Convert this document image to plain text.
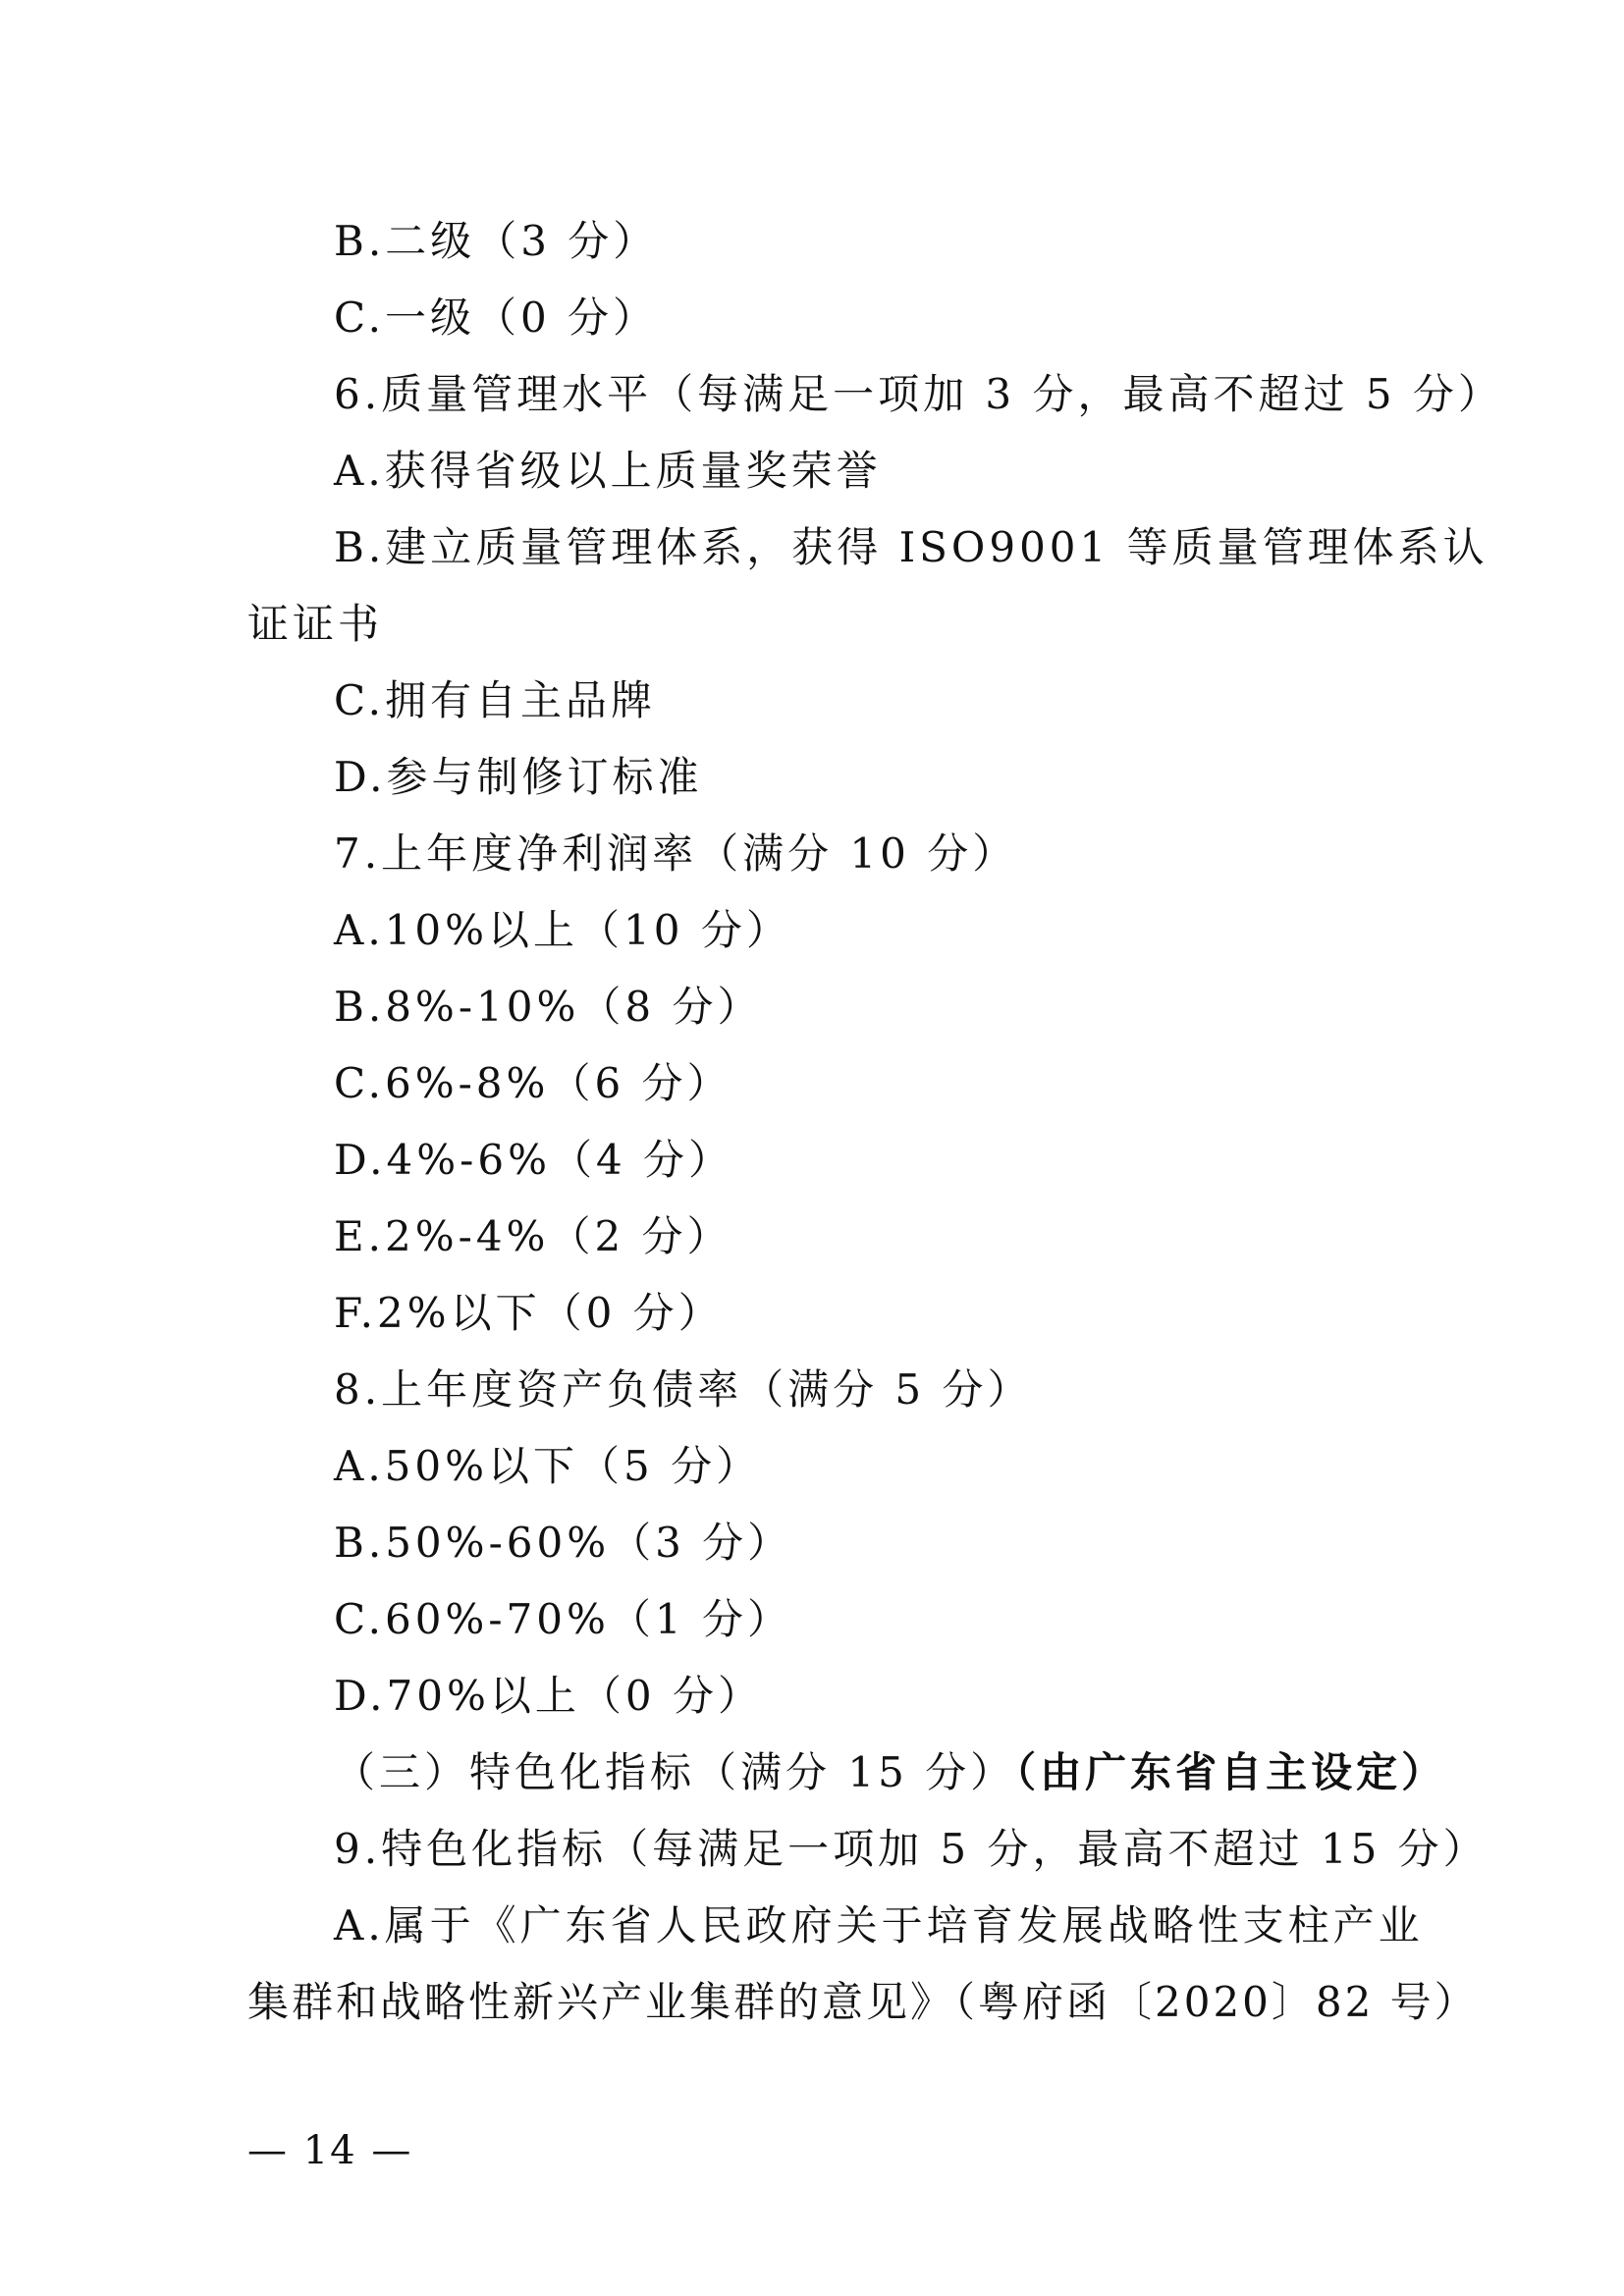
B.二级（3 分）
C.一级（0 分）
6.质量管理水平（每满足一项加 3 分，最高不超过 5 分）
A.获得省级以上质量奖荣誉
B.建立质量管理体系，获得 ISO9001 等质量管理体系认
证证书
C.拥有自主品牌
D.参与制修订标准
7.上年度净利润率（满分 10 分）
A.10%以上（10 分）
B.8%-10%（8 分）
C.6%-8%（6 分）
D.4%-6%（4 分）
E.2%-4%（2 分）
F.2%以下（0 分）
8.上年度资产负债率（满分 5 分）
A.50%以下（5 分）
B.50%-60%（3 分）
C.60%-70%（1 分）
D.70%以上（0 分）
（三）特色化指标（满分 15 分）（由广东省自主设定）
9.特色化指标（每满足一项加 5 分，最高不超过 15 分）
A.属于《广东省人民政府关于培育发展战略性支柱产业
集群和战略性新兴产业集群的意见》（粤府函〔2020〕82 号）
— 14 —
